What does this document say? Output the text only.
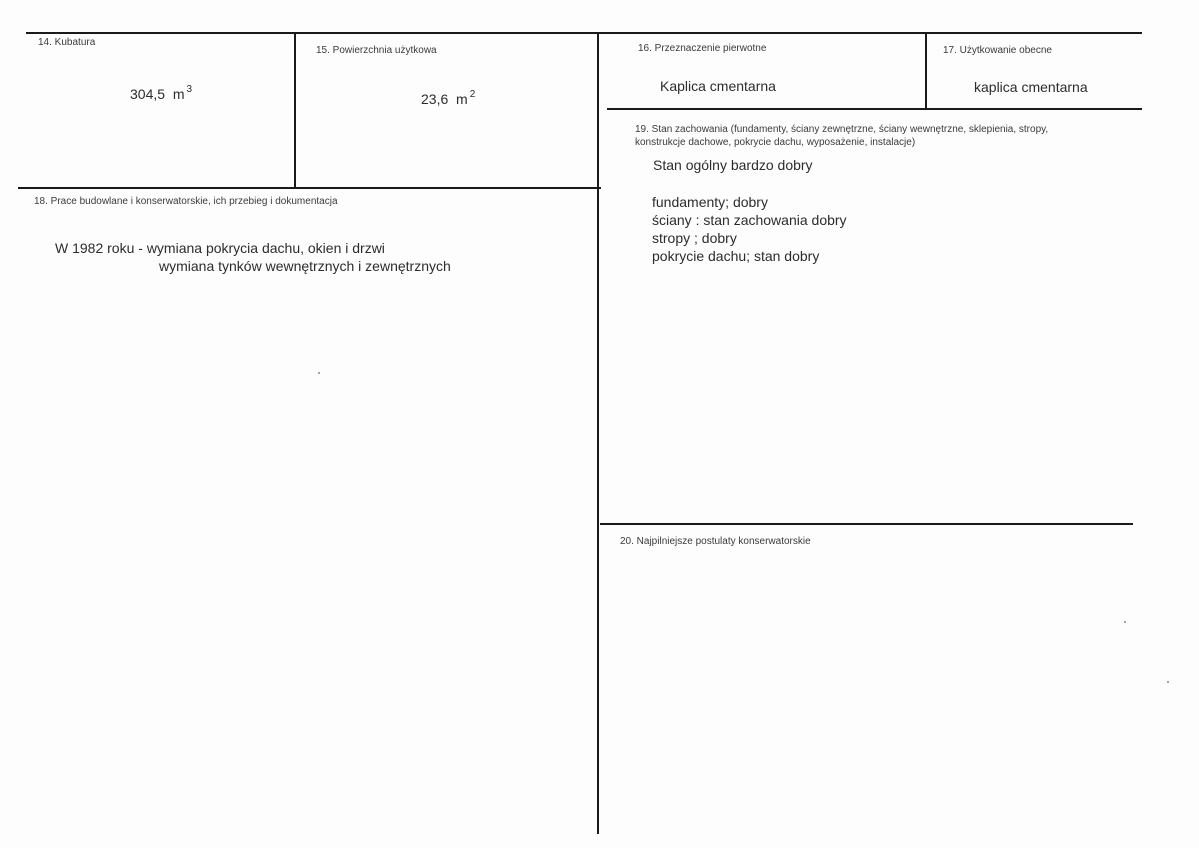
14. Kubatura
304,5 m $^3$
15. Powierzchnia użytkowa
23,6 m $^2$
16. Przeznaczenie pierwotne
Kaplica cmentarna
17. Użytkowanie obecne
kaplica cmentarna
18. Prace budowlane i konserwatorskie, ich przebieg i dokumentacja
W 1982 roku - wymiana pokrycia dachu, okien i drzwi
wymiana tynków wewnętrznych i zewnętrznych
19. Stan zachowania (fundamenty, ściany zewnętrzne, ściany wewnętrzne, sklepienia, stropy,
konstrukcje dachowe, pokrycie dachu, wyposażenie, instalacje)
Stan ogólny bardzo dobry
fundamenty; dobry
ściany : stan zachowania dobry
stropy ; dobry
pokrycie dachu; stan dobry
20. Najpilniejsze postulaty konserwatorskie
